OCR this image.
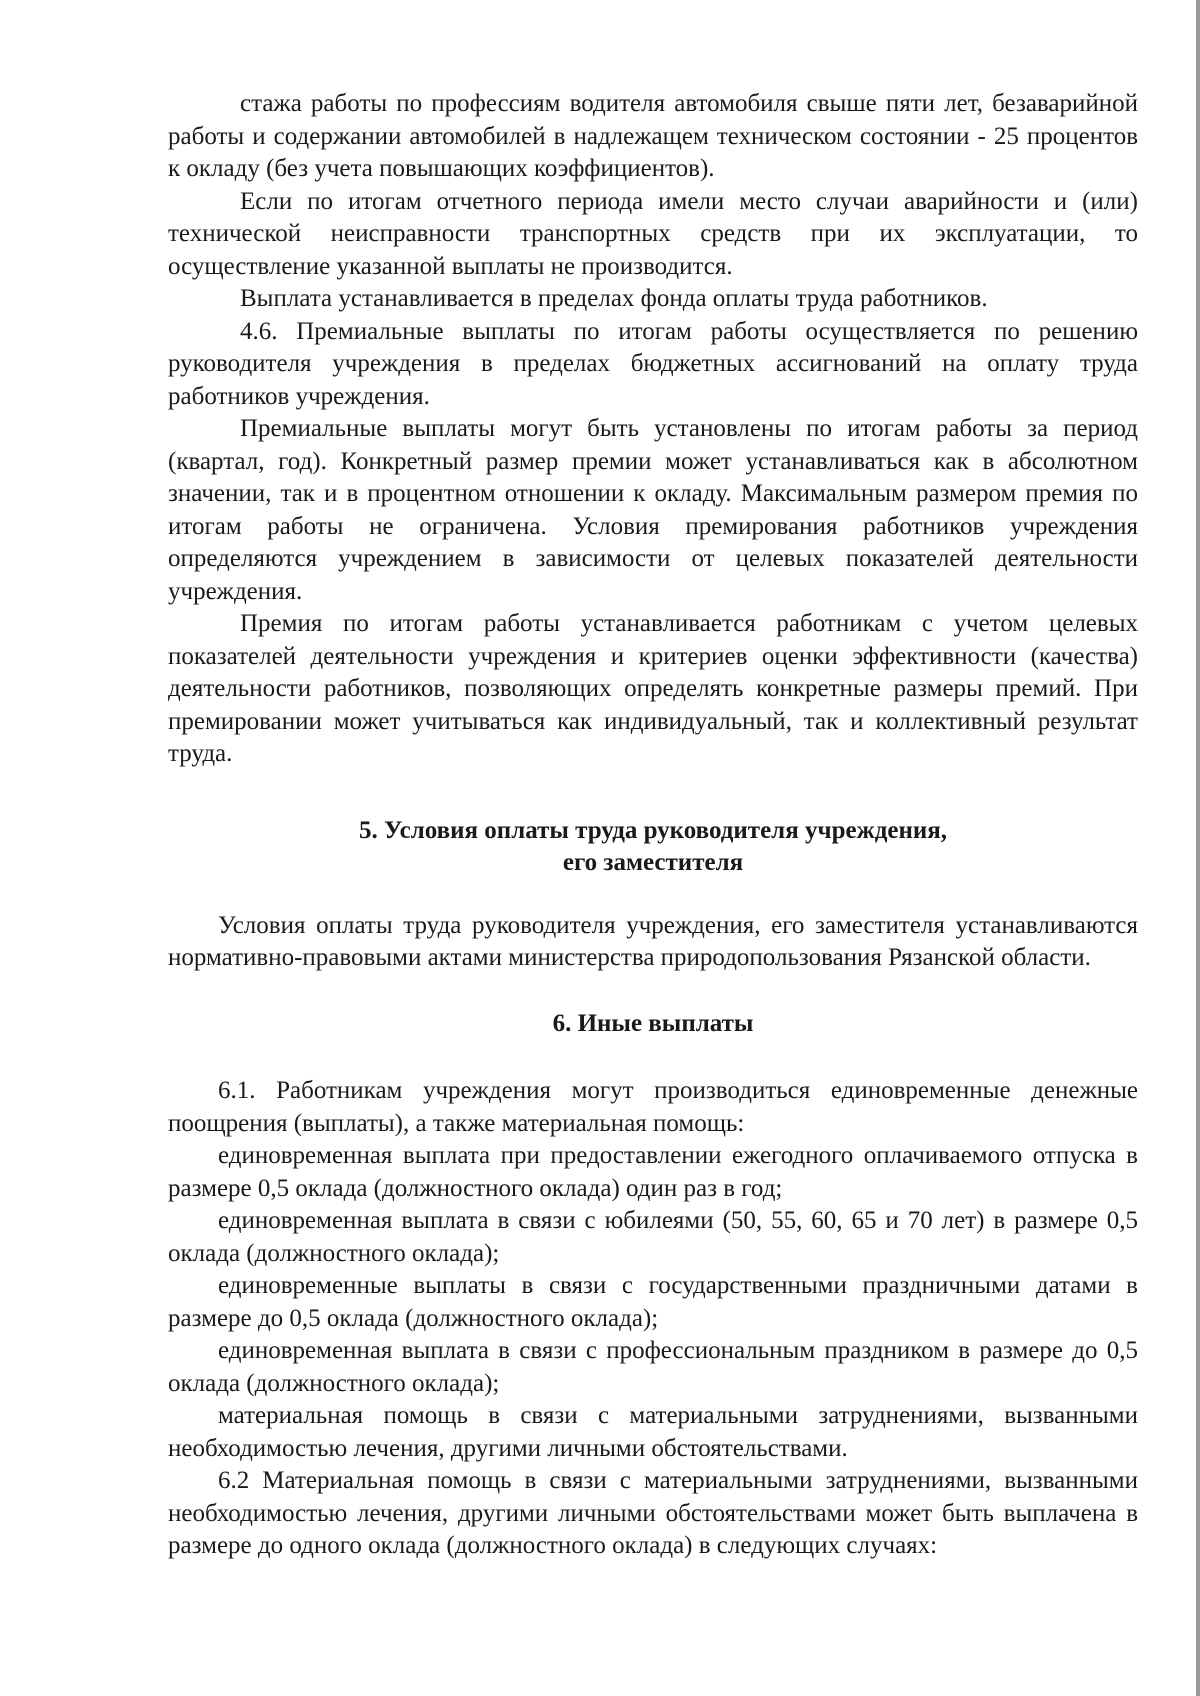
стажа работы по профессиям водителя автомобиля свыше пяти лет, безаварийной работы и содержании автомобилей в надлежащем техническом состоянии - 25 процентов к окладу (без учета повышающих коэффициентов).

Если по итогам отчетного периода имели место случаи аварийности и (или) технической неисправности транспортных средств при их эксплуатации, то осуществление указанной выплаты не производится.

Выплата устанавливается в пределах фонда оплаты труда работников.

4.6. Премиальные выплаты по итогам работы осуществляется по решению руководителя учреждения в пределах бюджетных ассигнований на оплату труда работников учреждения.

Премиальные выплаты могут быть установлены по итогам работы за период (квартал, год). Конкретный размер премии может устанавливаться как в абсолютном значении, так и в процентном отношении к окладу. Максимальным размером премия по итогам работы не ограничена. Условия премирования работников учреждения определяются учреждением в зависимости от целевых показателей деятельности учреждения.

Премия по итогам работы устанавливается работникам с учетом целевых показателей деятельности учреждения и критериев оценки эффективности (качества) деятельности работников, позволяющих определять конкретные размеры премий. При премировании может учитываться как индивидуальный, так и коллективный результат труда.

5. Условия оплаты труда руководителя учреждения,

его заместителя

Условия оплаты труда руководителя учреждения, его заместителя устанавливаются нормативно-правовыми актами министерства природопользования Рязанской области.

6. Иные выплаты

6.1. Работникам учреждения могут производиться единовременные денежные поощрения (выплаты), а также материальная помощь:

единовременная выплата при предоставлении ежегодного оплачиваемого отпуска в размере 0,5 оклада (должностного оклада) один раз в год;

единовременная выплата в связи с юбилеями (50, 55, 60, 65 и 70 лет) в размере 0,5 оклада (должностного оклада);

единовременные выплаты в связи с государственными праздничными датами в размере до 0,5 оклада (должностного оклада);

единовременная выплата в связи с профессиональным праздником в размере до 0,5 оклада (должностного оклада);

материальная помощь в связи с материальными затруднениями, вызванными необходимостью лечения, другими личными обстоятельствами.

6.2 Материальная помощь в связи с материальными затруднениями, вызванными необходимостью лечения, другими личными обстоятельствами может быть выплачена в размере до одного оклада (должностного оклада) в следующих случаях:
